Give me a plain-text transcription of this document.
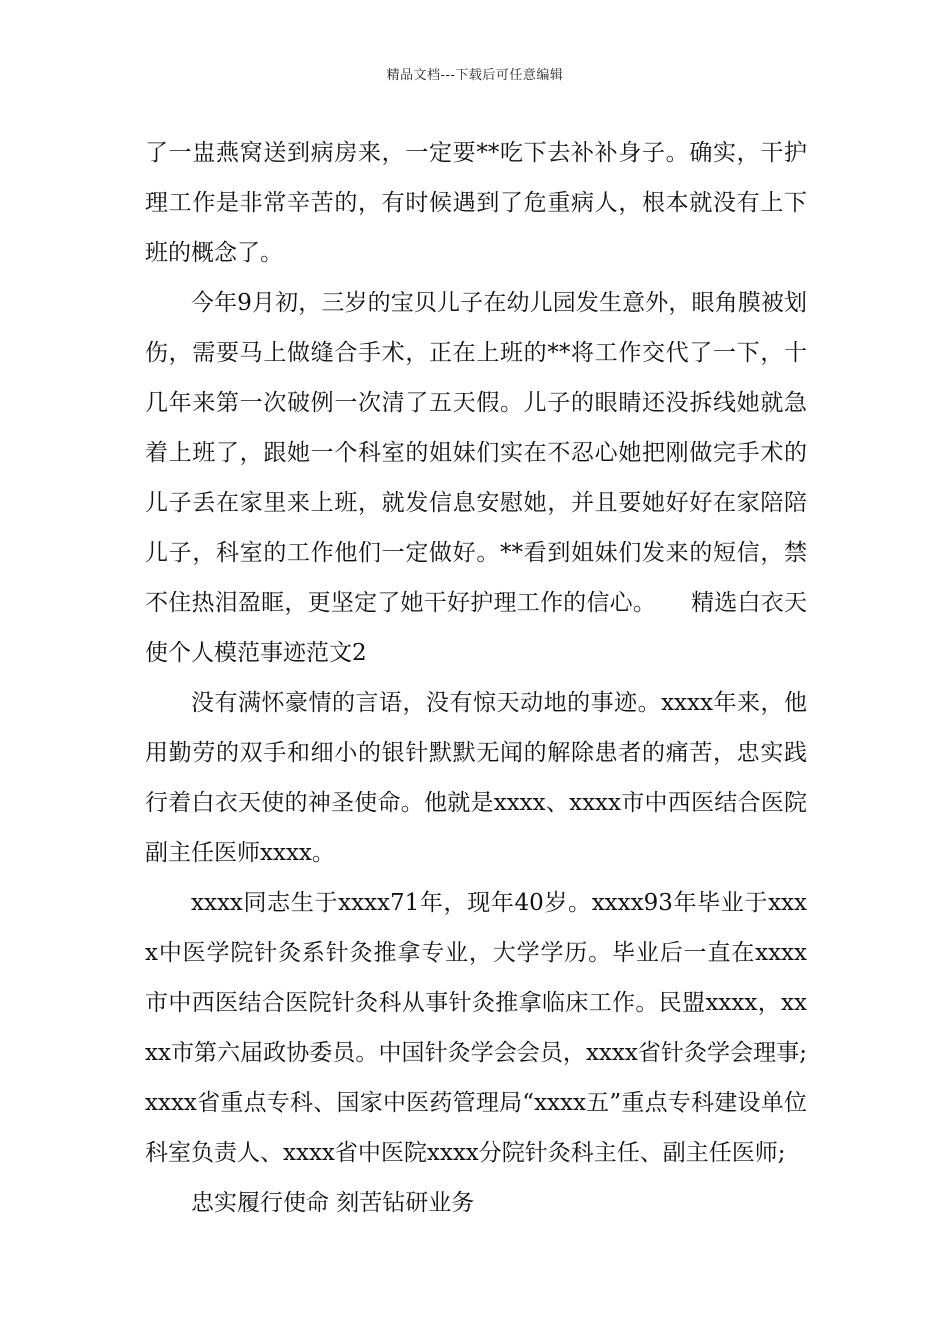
精品文档---下载后可任意编辑

了一盅燕窝送到病房来，一定要**吃下去补补身子。确实，干护理工作是非常辛苦的，有时候遇到了危重病人，根本就没有上下班的概念了。

今年9月初，三岁的宝贝儿子在幼儿园发生意外，眼角膜被划伤，需要马上做缝合手术，正在上班的**将工作交代了一下，十几年来第一次破例一次清了五天假。儿子的眼睛还没拆线她就急着上班了，跟她一个科室的姐妹们实在不忍心她把刚做完手术的儿子丢在家里来上班，就发信息安慰她，并且要她好好在家陪陪儿子，科室的工作他们一定做好。**看到姐妹们发来的短信，禁不住热泪盈眶，更坚定了她干好护理工作的信心。　　精选白衣天使个人模范事迹范文2

没有满怀豪情的言语，没有惊天动地的事迹。xxxx年来，他用勤劳的双手和细小的银针默默无闻的解除患者的痛苦，忠实践行着白衣天使的神圣使命。他就是xxxx、xxxx市中西医结合医院副主任医师xxxx。

xxxx同志生于xxxx71年，现年40岁。xxxx93年毕业于xxxx中医学院针灸系针灸推拿专业，大学学历。毕业后一直在xxxx市中西医结合医院针灸科从事针灸推拿临床工作。民盟xxxx，xxxx市第六届政协委员。中国针灸学会会员，xxxx省针灸学会理事;xxxx省重点专科、国家中医药管理局“xxxx五”重点专科建设单位科室负责人、xxxx省中医院xxxx分院针灸科主任、副主任医师;

忠实履行使命 刻苦钻研业务
